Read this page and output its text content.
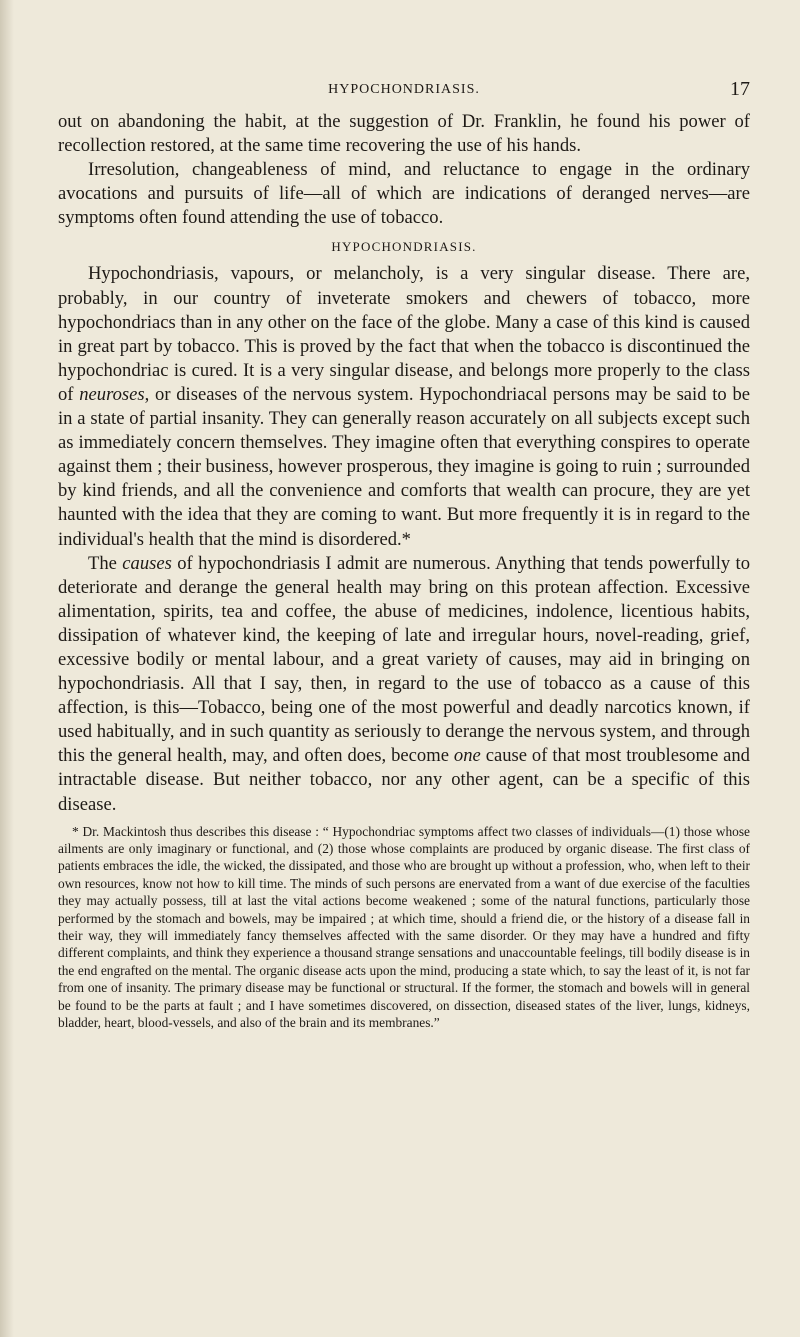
HYPOCHONDRIASIS.	17

out on abandoning the habit, at the suggestion of Dr. Franklin, he found his power of recollection restored, at the same time recovering the use of his hands.

Irresolution, changeableness of mind, and reluctance to engage in the ordinary avocations and pursuits of life—all of which are indications of deranged nerves—are symptoms often found attending the use of tobacco.

HYPOCHONDRIASIS.

Hypochondriasis, vapours, or melancholy, is a very singular disease. There are, probably, in our country of inveterate smokers and chewers of tobacco, more hypochondriacs than in any other on the face of the globe. Many a case of this kind is caused in great part by tobacco. This is proved by the fact that when the tobacco is discontinued the hypochondriac is cured. It is a very singular disease, and belongs more properly to the class of neuroses, or diseases of the nervous system. Hypochondriacal persons may be said to be in a state of partial insanity. They can generally reason accurately on all subjects except such as immediately concern themselves. They imagine often that everything conspires to operate against them ; their business, however prosperous, they imagine is going to ruin ; surrounded by kind friends, and all the convenience and comforts that wealth can procure, they are yet haunted with the idea that they are coming to want. But more frequently it is in regard to the individual's health that the mind is disordered.*

The causes of hypochondriasis I admit are numerous. Anything that tends powerfully to deteriorate and derange the general health may bring on this protean affection. Excessive alimentation, spirits, tea and coffee, the abuse of medicines, indolence, licentious habits, dissipation of whatever kind, the keeping of late and irregular hours, novel-reading, grief, excessive bodily or mental labour, and a great variety of causes, may aid in bringing on hypochondriasis. All that I say, then, in regard to the use of tobacco as a cause of this affection, is this—Tobacco, being one of the most powerful and deadly narcotics known, if used habitually, and in such quantity as seriously to derange the nervous system, and through this the general health, may, and often does, become one cause of that most troublesome and intractable disease. But neither tobacco, nor any other agent, can be a specific of this disease.

* Dr. Mackintosh thus describes this disease : “ Hypochondriac symptoms affect two classes of individuals—(1) those whose ailments are only imaginary or functional, and (2) those whose complaints are produced by organic disease. The first class of patients embraces the idle, the wicked, the dissipated, and those who are brought up without a profession, who, when left to their own resources, know not how to kill time. The minds of such persons are enervated from a want of due exercise of the faculties they may actually possess, till at last the vital actions become weakened ; some of the natural functions, particularly those performed by the stomach and bowels, may be impaired ; at which time, should a friend die, or the history of a disease fall in their way, they will immediately fancy themselves affected with the same disorder. Or they may have a hundred and fifty different complaints, and think they experience a thousand strange sensations and unaccountable feelings, till bodily disease is in the end engrafted on the mental. The organic disease acts upon the mind, producing a state which, to say the least of it, is not far from one of insanity. The primary disease may be functional or structural. If the former, the stomach and bowels will in general be found to be the parts at fault ; and I have sometimes discovered, on dissection, diseased states of the liver, lungs, kidneys, bladder, heart, blood-vessels, and also of the brain and its membranes.”
